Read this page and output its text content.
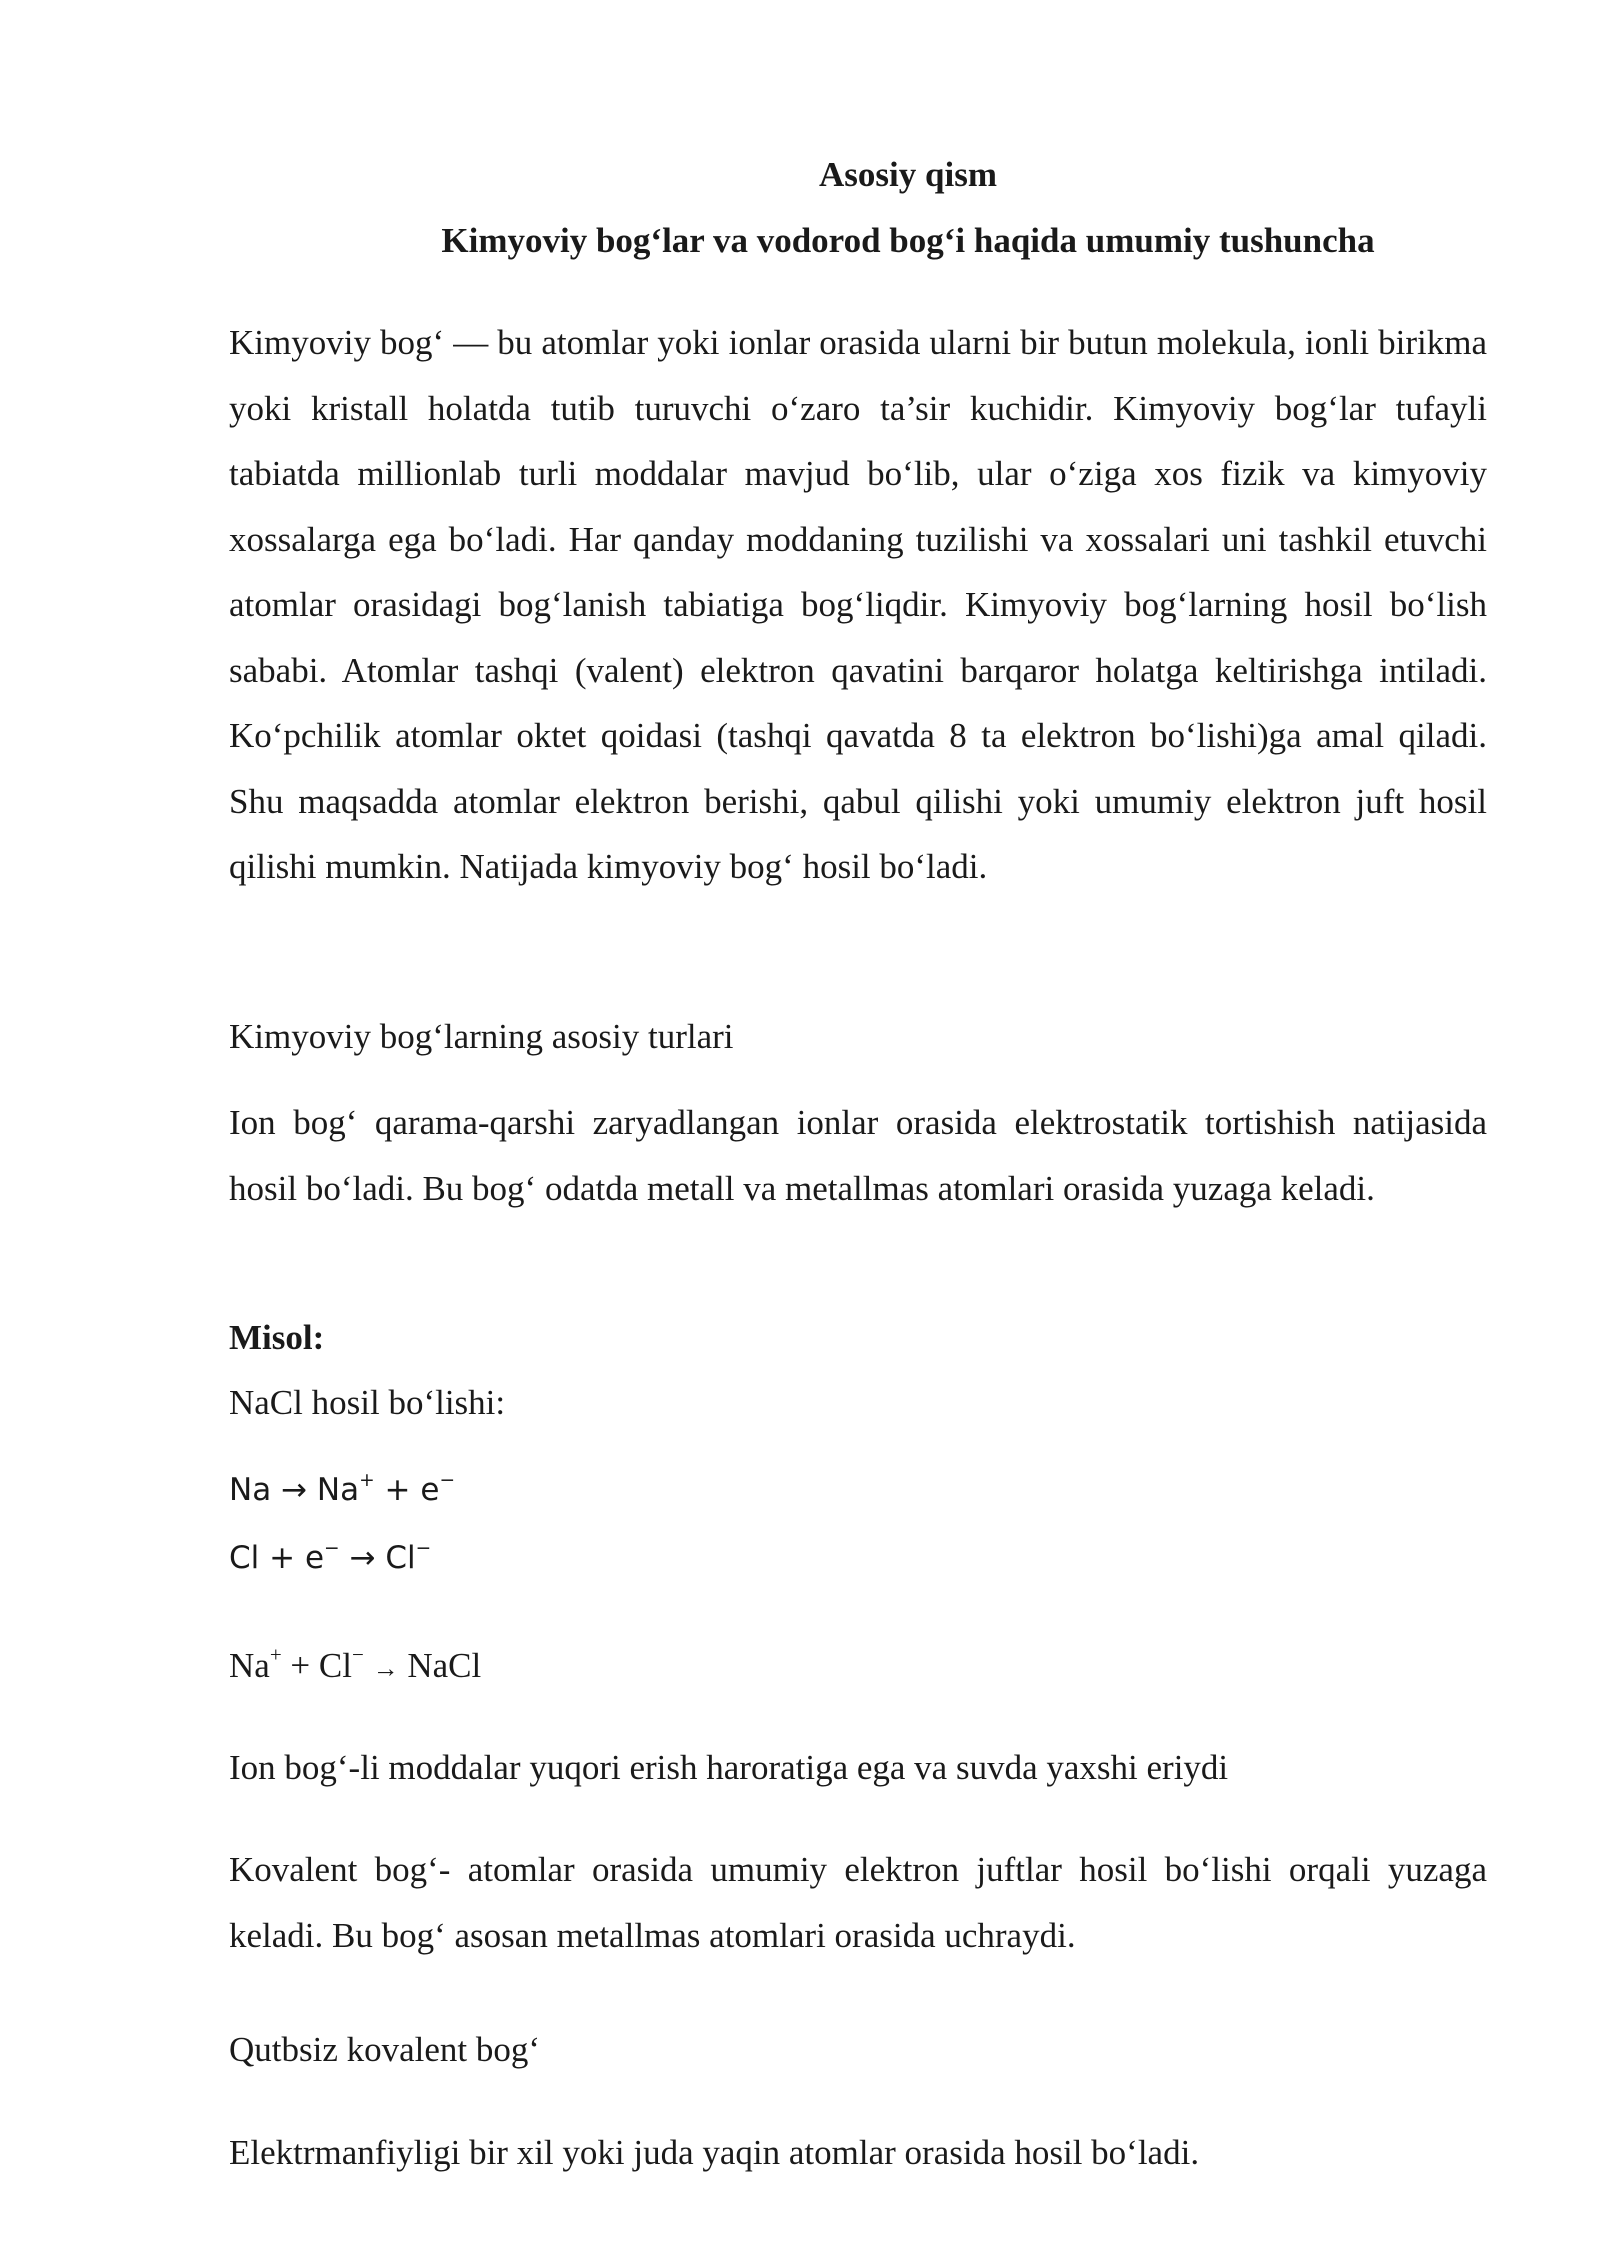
Asosiy qism
Kimyoviy bog‘lar va vodorod bog‘i haqida umumiy tushuncha

Kimyoviy bog‘ — bu atomlar yoki ionlar orasida ularni bir butun molekula, ionli birikma yoki kristall holatda tutib turuvchi o‘zaro ta’sir kuchidir. Kimyoviy bog‘lar tufayli tabiatda millionlab turli moddalar mavjud bo‘lib, ular o‘ziga xos fizik va kimyoviy xossalarga ega bo‘ladi. Har qanday moddaning tuzilishi va xossalari uni tashkil etuvchi atomlar orasidagi bog‘lanish tabiatiga bog‘liqdir. Kimyoviy bog‘larning hosil bo‘lish sababi. Atomlar tashqi (valent) elektron qavatini barqaror holatga keltirishga intiladi. Ko‘pchilik atomlar oktet qoidasi (tashqi qavatda 8 ta elektron bo‘lishi)ga amal qiladi. Shu maqsadda atomlar elektron berishi, qabul qilishi yoki umumiy elektron juft hosil qilishi mumkin. Natijada kimyoviy bog‘ hosil bo‘ladi.

Kimyoviy bog‘larning asosiy turlari

Ion bog‘ qarama-qarshi zaryadlangan ionlar orasida elektrostatik tortishish natijasida hosil bo‘ladi. Bu bog‘ odatda metall va metallmas atomlari orasida yuzaga keladi.

Misol:

NaCl hosil bo‘lishi:

Na → Na+ + e−
Cl + e− → Cl−
Na+ + Cl− → NaCl

Ion bog‘-li moddalar yuqori erish haroratiga ega va suvda yaxshi eriydi

Kovalent bog‘- atomlar orasida umumiy elektron juftlar hosil bo‘lishi orqali yuzaga keladi. Bu bog‘ asosan metallmas atomlari orasida uchraydi.

Qutbsiz kovalent bog‘

Elektrmanfiyligi bir xil yoki juda yaqin atomlar orasida hosil bo‘ladi.
